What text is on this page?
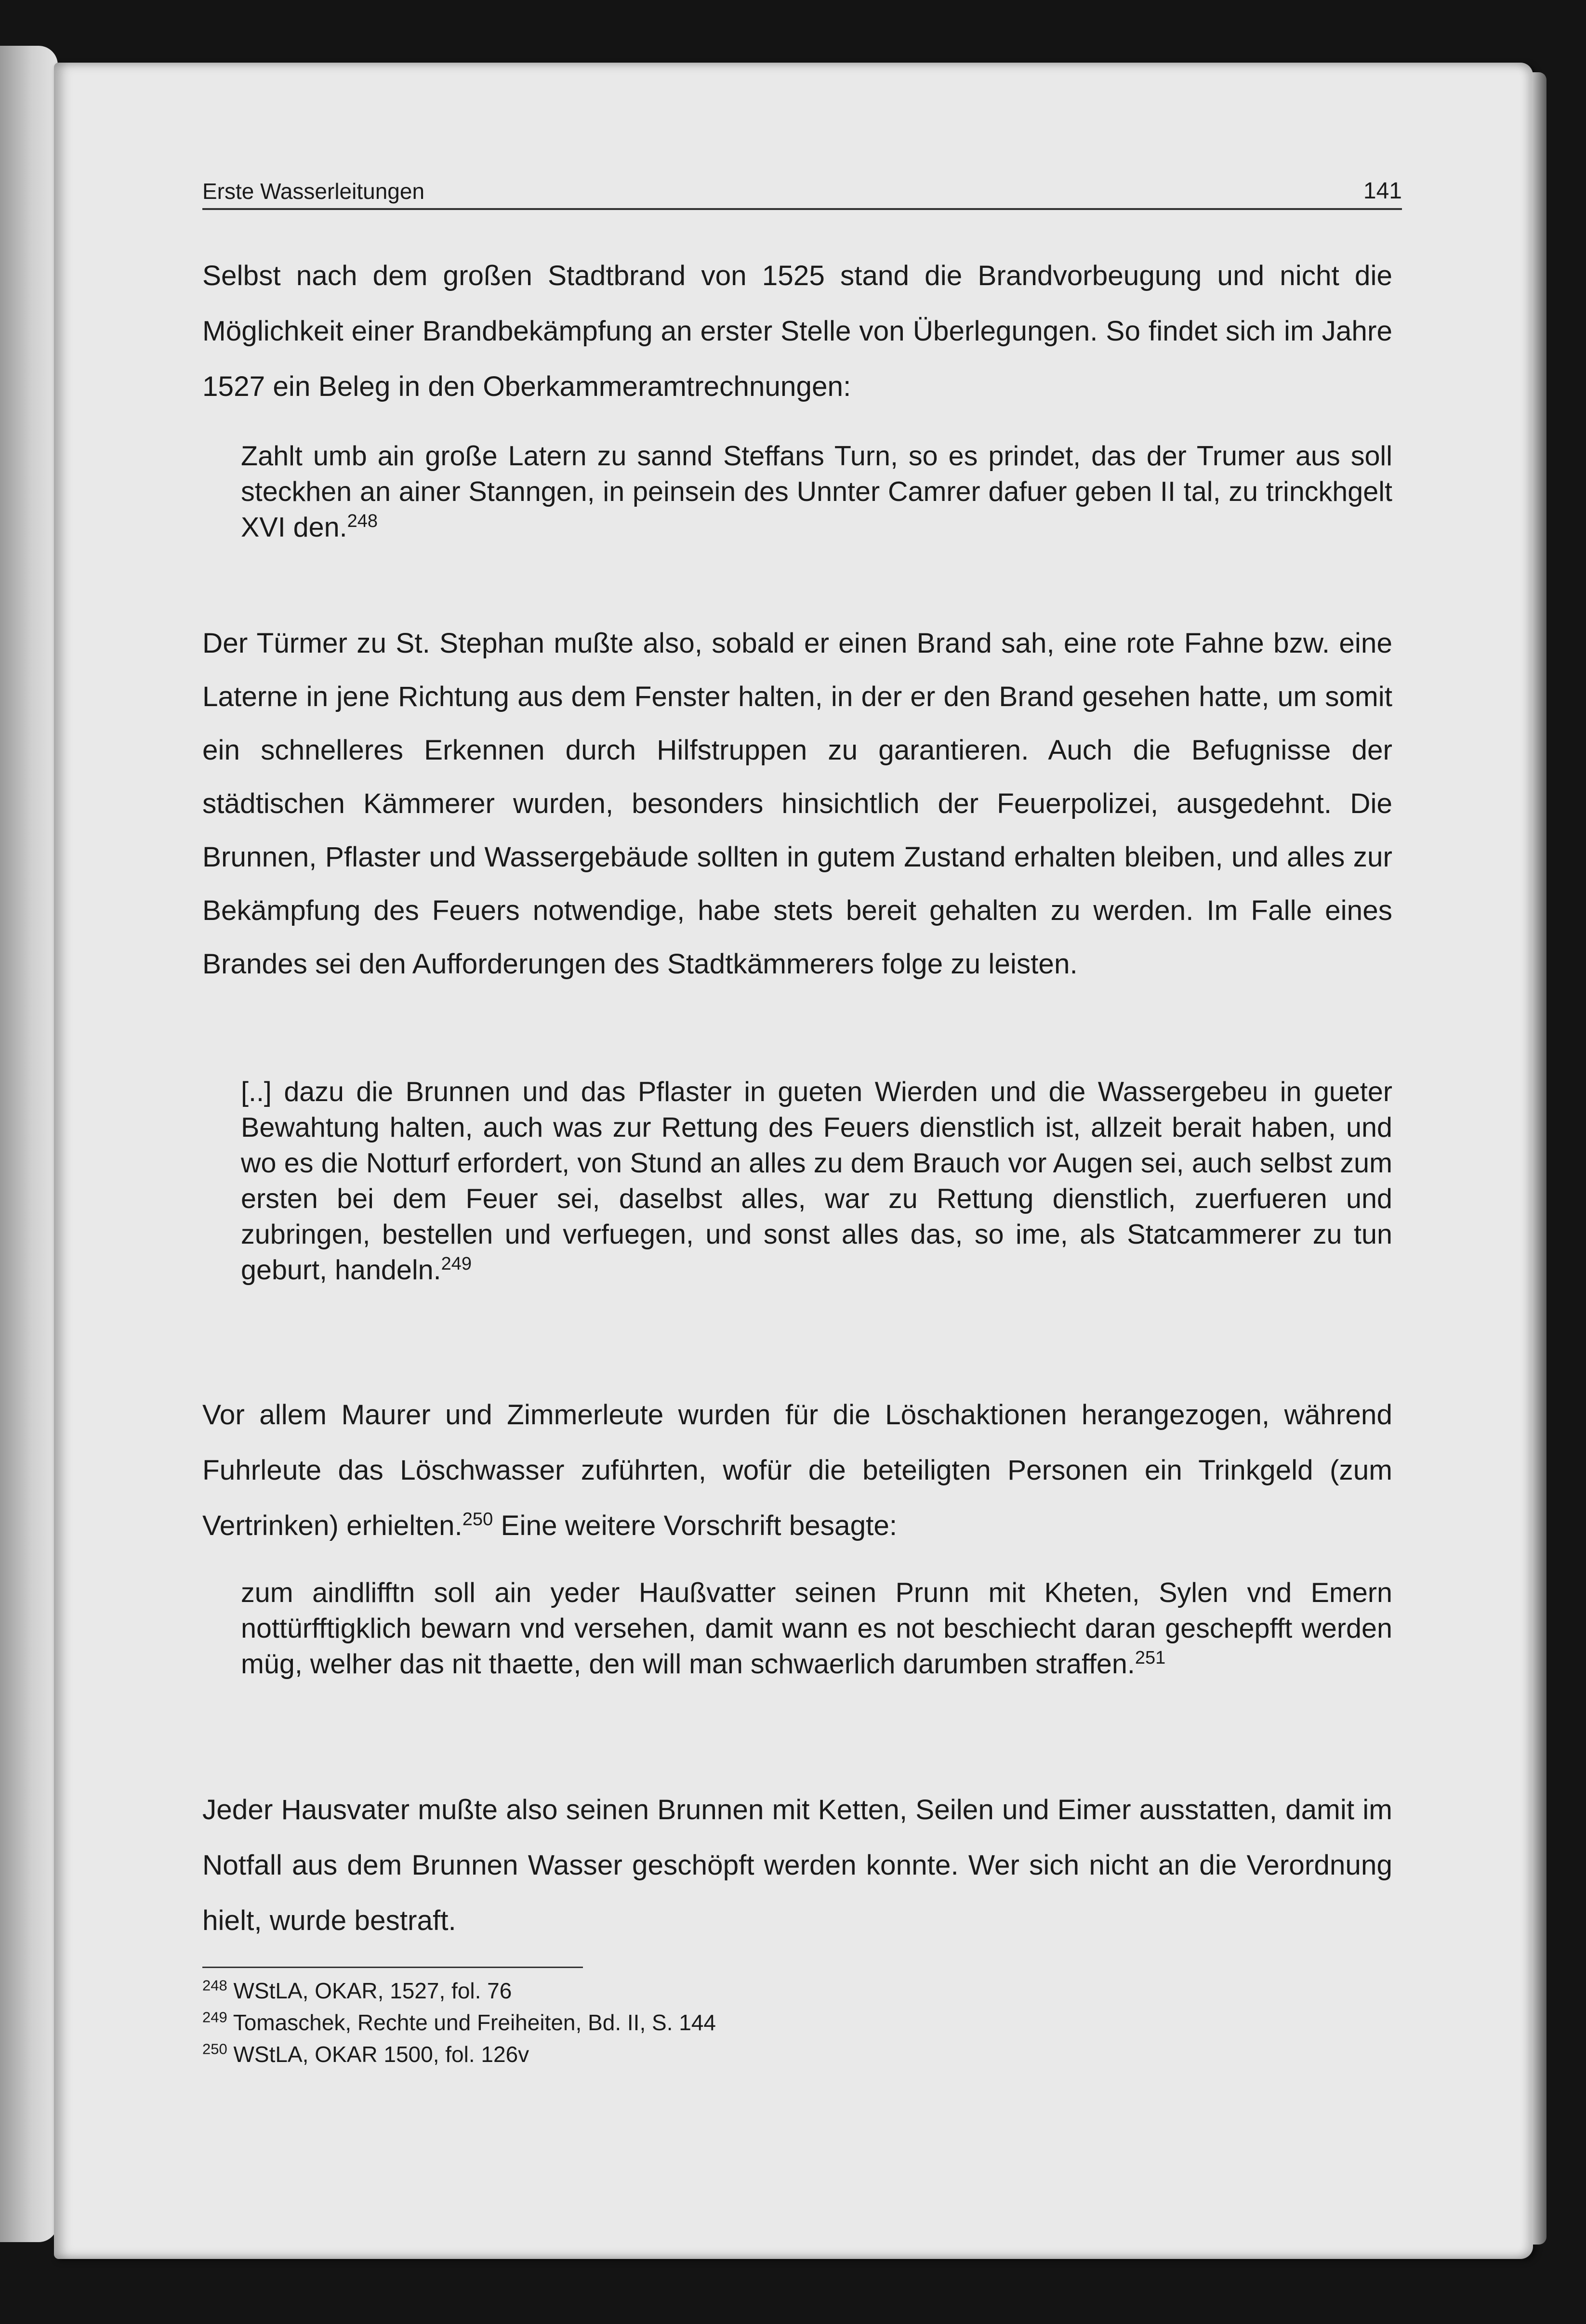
Erste Wasserleitungen	141

Selbst nach dem großen Stadtbrand von 1525 stand die Brandvorbeugung und nicht die Möglichkeit einer Brandbekämpfung an erster Stelle von Überlegungen. So findet sich im Jahre 1527 ein Beleg in den Oberkammeramtrechnungen:

Zahlt umb ain große Latern zu sannd Steffans Turn, so es prindet, das der Trumer aus soll steckhen an ainer Stanngen, in peinsein des Unnter Camrer dafuer geben II tal, zu trinckhgelt XVI den.$^{248}$

Der Türmer zu St. Stephan mußte also, sobald er einen Brand sah, eine rote Fahne bzw. eine Laterne in jene Richtung aus dem Fenster halten, in der er den Brand gesehen hatte, um somit ein schnelleres Erkennen durch Hilfstruppen zu garantieren. Auch die Befugnisse der städtischen Kämmerer wurden, besonders hinsichtlich der Feuerpolizei, ausgedehnt. Die Brunnen, Pflaster und Wassergebäude sollten in gutem Zustand erhalten bleiben, und alles zur Bekämpfung des Feuers notwendige, habe stets bereit gehalten zu werden. Im Falle eines Brandes sei den Aufforderungen des Stadtkämmerers folge zu leisten.

[..] dazu die Brunnen und das Pflaster in gueten Wierden und die Wassergebeu in gueter Bewahtung halten, auch was zur Rettung des Feuers dienstlich ist, allzeit berait haben, und wo es die Notturf erfordert, von Stund an alles zu dem Brauch vor Augen sei, auch selbst zum ersten bei dem Feuer sei, daselbst alles, war zu Rettung dienstlich, zuerfueren und zubringen, bestellen und verfuegen, und sonst alles das, so ime, als Statcammerer zu tun geburt, handeln.$^{249}$

Vor allem Maurer und Zimmerleute wurden für die Löschaktionen herangezogen, während Fuhrleute das Löschwasser zuführten, wofür die beteiligten Personen ein Trinkgeld (zum Vertrinken) erhielten.$^{250}$ Eine weitere Vorschrift besagte:

zum aindlifftn soll ain yeder Haußvatter seinen Prunn mit Kheten, Sylen vnd Emern nottürfftigklich bewarn vnd versehen, damit wann es not beschiecht daran geschepfft werden müg, welher das nit thaette, den will man schwaerlich darumben straffen.$^{251}$

Jeder Hausvater mußte also seinen Brunnen mit Ketten, Seilen und Eimer ausstatten, damit im Notfall aus dem Brunnen Wasser geschöpft werden konnte. Wer sich nicht an die Verordnung hielt, wurde bestraft.

$^{248}$ WStLA, OKAR, 1527, fol. 76

$^{249}$ Tomaschek, Rechte und Freiheiten, Bd. II, S. 144

$^{250}$ WStLA, OKAR 1500, fol. 126v
